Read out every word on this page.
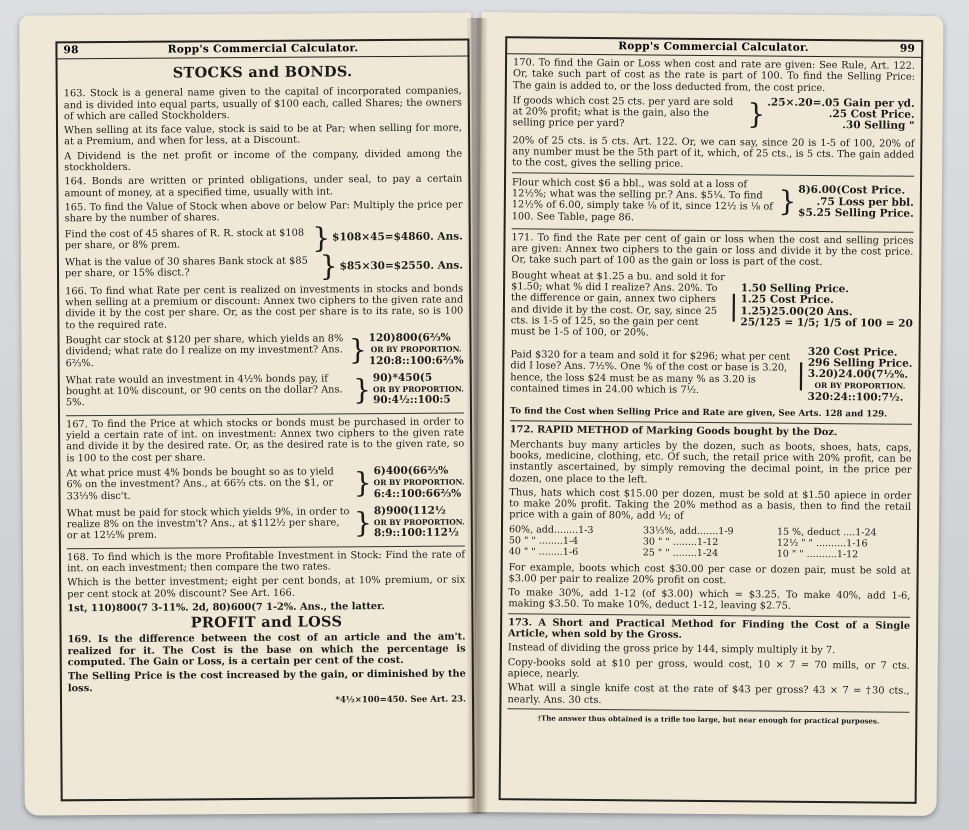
98	Ropp's Commercial Calculator.
STOCKS and BONDS.

163. Stock is a general name given to the capital of incorporated companies, and is divided into equal parts, usually of $100 each, called Shares; the owners of which are called Stockholders.

When selling at its face value, stock is said to be at Par; when selling for more, at a Premium, and when for less, at a Discount.

A Dividend is the net profit or income of the company, divided among the stockholders.

164. Bonds are written or printed obligations, under seal, to pay a certain amount of money, at a specified time, usually with int.

165. To find the Value of Stock when above or below Par: Multiply the price per share by the number of shares.

Find the cost of 45 shares of R. R. stock at $108 per share, or 8% prem.	} $108×45=$4860. Ans.
What is the value of 30 shares Bank stock at $85 per share, or 15% disct.?	} $85×30=$2550. Ans.

166. To find what Rate per cent is realized on investments in stocks and bonds when selling at a premium or discount: Annex two ciphers to the given rate and divide it by the cost per share. Or, as the cost per share is to its rate, so is 100 to the required rate.

Bought car stock at $120 per share, which yields an 8% dividend; what rate do I realize on my investment? Ans. 6⅔%.	} 120)800(6⅔%
OR BY PROPORTION.
120:8::100:6⅔%
What rate would an investment in 4½% bonds pay, if bought at 10% discount, or 90 cents on the dollar? Ans. 5%.	} 90)*450(5
OR BY PROPORTION.
90:4½::100:5

167. To find the Price at which stocks or bonds must be purchased in order to yield a certain rate of int. on investment: Annex two ciphers to the given rate and divide it by the desired rate. Or, as the desired rate is to the given rate, so is 100 to the cost per share.

At what price must 4% bonds be bought so as to yield 6% on the investment? Ans., at 66⅔ cts. on the $1, or 33⅓% disc't.	} 6)400(66⅔%
OR BY PROPORTION.
6:4::100:66⅔%
What must be paid for stock which yields 9%, in order to realize 8% on the investm't? Ans., at $112½ per share, or at 12½% prem.	} 8)900(112½
OR BY PROPORTION.
8:9::100:112½

168. To find which is the more Profitable Investment in Stock: Find the rate of int. on each investment; then compare the two rates.

Which is the better investment; eight per cent bonds, at 10% premium, or six per cent stock at 20% discount? See Art. 166.

1st, 110)800(7 3-11%. 2d, 80)600(7 1-2%. Ans., the latter.

PROFIT and LOSS

169. Is the difference between the cost of an article and the am't. realized for it. The Cost is the base on which the percentage is computed. The Gain or Loss, is a certain per cent of the cost.

The Selling Price is the cost increased by the gain, or diminished by the loss.

*4½×100=450. See Art. 23.

Ropp's Commercial Calculator.	99

170. To find the Gain or Loss when cost and rate are given: See Rule, Art. 122. Or, take such part of cost as the rate is part of 100. To find the Selling Price: The gain is added to, or the loss deducted from, the cost price.

If goods which cost 25 cts. per yard are sold at 20% profit; what is the gain, also the selling price per yard?	} .25×.20=.05 Gain per yd.
.25 Cost Price.
.30 Selling "

20% of 25 cts. is 5 cts. Art. 122. Or, we can say, since 20 is 1-5 of 100, 20% of any number must be the 5th part of it, which, of 25 cts., is 5 cts. The gain added to the cost, gives the selling price.

Flour which cost $6 a bbl., was sold at a loss of 12½%; what was the selling pr.? Ans. $5¼. To find 12½% of 6.00, simply take ⅛ of it, since 12½ is ⅛ of 100. See Table, page 86.	} 8)6.00(Cost Price.
.75 Loss per bbl.
$5.25 Selling Price.

171. To find the Rate per cent of gain or loss when the cost and selling prices are given: Annex two ciphers to the gain or loss and divide it by the cost price. Or, take such part of 100 as the gain or loss is part of the cost.

Bought wheat at $1.25 a bu. and sold it for $1.50; what % did I realize? Ans. 20%. To the difference or gain, annex two ciphers and divide it by the cost. Or, say, since 25 cts. is 1-5 of 125, so the gain per cent must be 1-5 of 100, or 20%.
|
1.50 Selling Price.
1.25 Cost Price.
1.25)25.00(20 Ans.
25/125 = 1/5; 1/5 of 100 = 20
Paid $320 for a team and sold it for $296; what per cent did I lose? Ans. 7½%. One % of the cost or base is 3.20, hence, the loss $24 must be as many % as 3.20 is contained times in 24.00 which is 7½.	|
320 Cost Price.
296 Selling Price.
3.20)24.00(7½%.
OR BY PROPORTION.
320:24::100:7½.

To find the Cost when Selling Price and Rate are given, See Arts. 128 and 129.

172. RAPID METHOD of Marking Goods bought by the Doz.

Merchants buy many articles by the dozen, such as boots, shoes, hats, caps, books, medicine, clothing, etc. Of such, the retail price with 20% profit, can be instantly ascertained, by simply removing the decimal point, in the price per dozen, one place to the left.

Thus, hats which cost $15.00 per dozen, must be sold at $1.50 apiece in order to make 20% profit. Taking the 20% method as a basis, then to find the retail price with a gain of 80%, add ⅓; of

60%, add........1-3	33⅓%, add.......1-9	15 %, deduct ....1-24
50 " " ........1-4	30 " " ........1-12	12½ " " ..........1-16
40 " " ........1-6	25 " " ........1-24	10 " " ..........1-12

For example, boots which cost $30.00 per case or dozen pair, must be sold at $3.00 per pair to realize 20% profit on cost.

To make 30%, add 1-12 (of $3.00) which = $3.25. To make 40%, add 1-6, making $3.50. To make 10%, deduct 1-12, leaving $2.75.

173. A Short and Practical Method for Finding the Cost of a Single Article, when sold by the Gross.

Instead of dividing the gross price by 144, simply multiply it by 7.

Copy-books sold at $10 per gross, would cost, 10 × 7 = 70 mills, or 7 cts. apiece, nearly.

What will a single knife cost at the rate of $43 per gross? 43 × 7 = †30 cts., nearly. Ans. 30 cts.

†The answer thus obtained is a trifle too large, but near enough for practical purposes.
